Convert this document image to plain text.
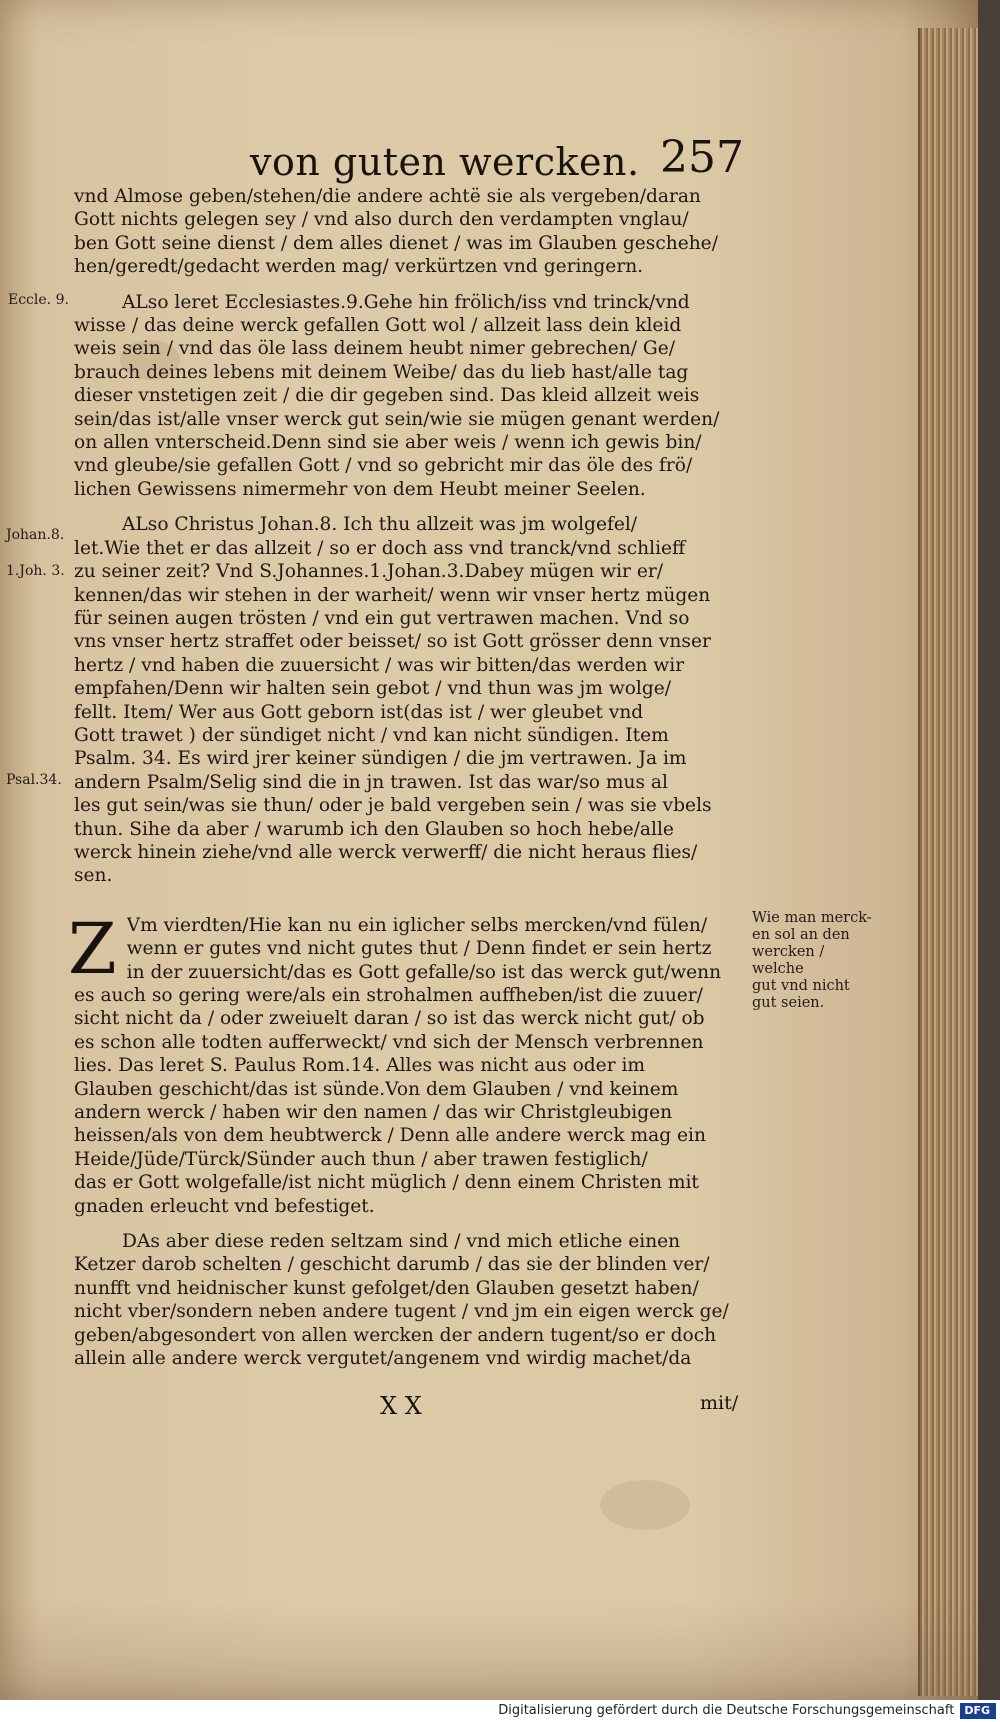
von guten wercken. 257
Eccle. 9.
Johan.8.
1.Joh. 3.
Psal.34.
Wie man merck-
en sol an den
wercken / welche
gut vnd nicht
gut seien.
vnd Almose geben/stehen/die andere achtë sie als vergeben/daran
Gott nichts gelegen sey / vnd also durch den verdampten vnglau/
ben Gott seine dienst / dem alles dienet / was im Glauben geschehe/
hen/geredt/gedacht werden mag/ verkürtzen vnd geringern.
ALso leret Ecclesiastes.9.Gehe hin frölich/iss vnd trinck/vnd
wisse / das deine werck gefallen Gott wol / allzeit lass dein kleid
weis sein / vnd das öle lass deinem heubt nimer gebrechen/ Ge/
brauch deines lebens mit deinem Weibe/ das du lieb hast/alle tag
dieser vnstetigen zeit / die dir gegeben sind. Das kleid allzeit weis
sein/das ist/alle vnser werck gut sein/wie sie mügen genant werden/
on allen vnterscheid.Denn sind sie aber weis / wenn ich gewis bin/
vnd gleube/sie gefallen Gott / vnd so gebricht mir das öle des frö/
lichen Gewissens nimermehr von dem Heubt meiner Seelen.
ALso Christus Johan.8. Ich thu allzeit was jm wolgefel/
let.Wie thet er das allzeit / so er doch ass vnd tranck/vnd schlieff
zu seiner zeit? Vnd S.Johannes.1.Johan.3.Dabey mügen wir er/
kennen/das wir stehen in der warheit/ wenn wir vnser hertz mügen
für seinen augen trösten / vnd ein gut vertrawen machen. Vnd so
vns vnser hertz straffet oder beisset/ so ist Gott grösser denn vnser
hertz / vnd haben die zuuersicht / was wir bitten/das werden wir
empfahen/Denn wir halten sein gebot / vnd thun was jm wolge/
fellt. Item/ Wer aus Gott geborn ist(das ist / wer gleubet vnd
Gott trawet ) der sündiget nicht / vnd kan nicht sündigen. Item
Psalm. 34. Es wird jrer keiner sündigen / die jm vertrawen. Ja im
andern Psalm/Selig sind die in jn trawen. Ist das war/so mus al
les gut sein/was sie thun/ oder je bald vergeben sein / was sie vbels
thun. Sihe da aber / warumb ich den Glauben so hoch hebe/alle
werck hinein ziehe/vnd alle werck verwerff/ die nicht heraus flies/
sen.
Z Vm vierdten/Hie kan nu ein iglicher selbs mercken/vnd fülen/
wenn er gutes vnd nicht gutes thut / Denn findet er sein hertz
in der zuuersicht/das es Gott gefalle/so ist das werck gut/wenn
es auch so gering were/als ein strohalmen auffheben/ist die zuuer/
sicht nicht da / oder zweiuelt daran / so ist das werck nicht gut/ ob
es schon alle todten aufferweckt/ vnd sich der Mensch verbrennen
lies. Das leret S. Paulus Rom.14. Alles was nicht aus oder im
Glauben geschicht/das ist sünde.Von dem Glauben / vnd keinem
andern werck / haben wir den namen / das wir Christgleubigen
heissen/als von dem heubtwerck / Denn alle andere werck mag ein
Heide/Jüde/Türck/Sünder auch thun / aber trawen festiglich/
das er Gott wolgefalle/ist nicht müglich / denn einem Christen mit
gnaden erleucht vnd befestiget.
DAs aber diese reden seltzam sind / vnd mich etliche einen
Ketzer darob schelten / geschicht darumb / das sie der blinden ver/
nunfft vnd heidnischer kunst gefolget/den Glauben gesetzt haben/
nicht vber/sondern neben andere tugent / vnd jm ein eigen werck ge/
geben/abgesondert von allen wercken der andern tugent/so er doch
allein alle andere werck vergutet/angenem vnd wirdig machet/da
X X	mit/
Digitalisierung gefördert durch die Deutsche Forschungsgemeinschaft DFG
